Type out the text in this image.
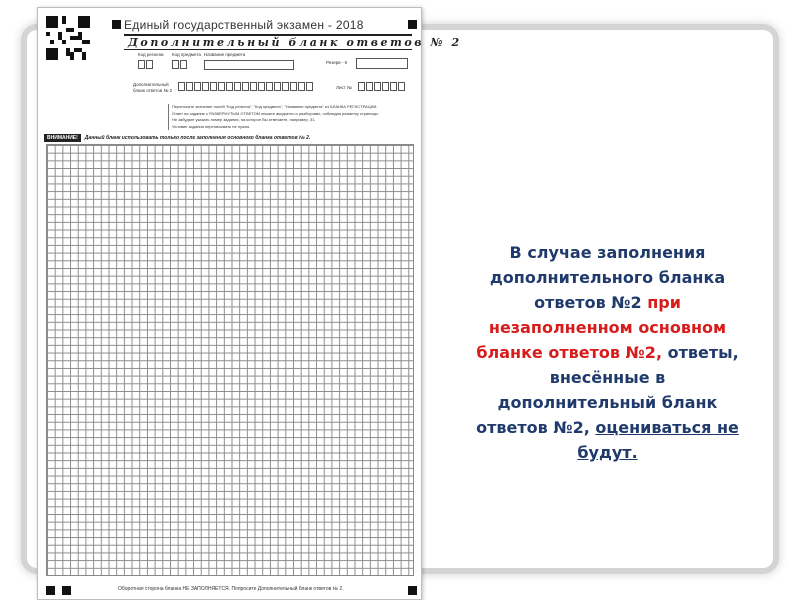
Единый государственный экзамен - 2018
Дополнительный бланк ответов № 2
Код региона Код предмета Название предмета
Резерв - 6
Дополнительный бланк ответов № 2
Лист №
Переносите значение полей "Код региона", "Код предмета", "Название предмета" из БЛАНКА РЕГИСТРАЦИИ.
Ответ на задание с РАЗВЕРНУТЫМ ОТВЕТОМ пишите аккуратно и разборчиво, соблюдая разметку страницы.
Не забудьте указать номер задания, на которое Вы отвечаете, например, 31.
Условие задания переписывать не нужно.
ВНИМАНИЕ!	Данный бланк использовать только после заполнения основного бланка ответов № 2.
Оборотная сторона бланка НЕ ЗАПОЛНЯЕТСЯ. Попросите Дополнительный бланк ответов № 2.
В случае заполнения дополнительного бланка ответов №2 при незаполненном основном бланке ответов №2, ответы, внесённые в дополнительный бланк ответов №2, оцениваться не будут.
